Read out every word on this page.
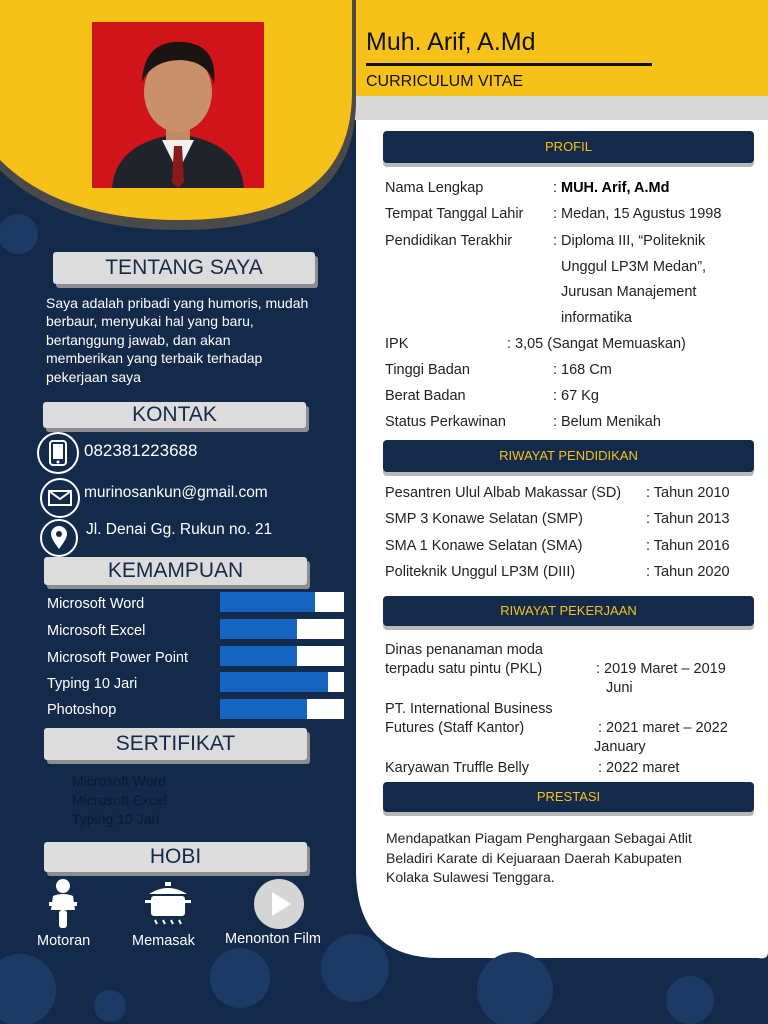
Muh. Arif, A.Md
CURRICULUM VITAE
TENTANG SAYA
Saya adalah pribadi yang humoris, mudah
berbaur, menyukai hal yang baru,
bertanggung jawab, dan akan
memberikan yang terbaik terhadap
pekerjaan saya
KONTAK
082381223688
murinosankun@gmail.com
Jl. Denai Gg. Rukun no. 21
KEMAMPUAN
Microsoft Word
Microsoft Excel
Microsoft Power Point
Typing 10 Jari
Photoshop
SERTIFIKAT
Microsoft Word
Microsoft Excel
Typing 10 Jari
HOBI
Motoran	Memasak Menonton Film
PROFIL
Nama Lengkap	: MUH. Arif, A.Md
Tempat Tanggal Lahir : Medan, 15 Agustus 1998
Pendidikan Terakhir	: Diploma III, “Politeknik Unggul LP3M Medan”, Jurusan Manajement informatika
IPK	: 3,05 (Sangat Memuaskan)
Tinggi Badan	: 168 Cm
Berat Badan	: 67 Kg
Status Perkawinan	: Belum Menikah
RIWAYAT PENDIDIKAN
Pesantren Ulul Albab Makassar (SD) : Tahun 2010
SMP 3 Konawe Selatan (SMP)	: Tahun 2013
SMA 1 Konawe Selatan (SMA)	: Tahun 2016
Politeknik Unggul LP3M (DIII)	: Tahun 2020
RIWAYAT PEKERJAAN
Dinas penanaman moda
terpadu satu pintu (PKL)	: 2019 Maret – 2019
Juni
PT. International Business
Futures (Staff Kantor)	: 2021 maret – 2022
January
Karyawan Truffle Belly	: 2022 maret
PRESTASI
Mendapatkan Piagam Penghargaan Sebagai Atlit
Beladiri Karate di Kejuaraan Daerah Kabupaten
Kolaka Sulawesi Tenggara.
